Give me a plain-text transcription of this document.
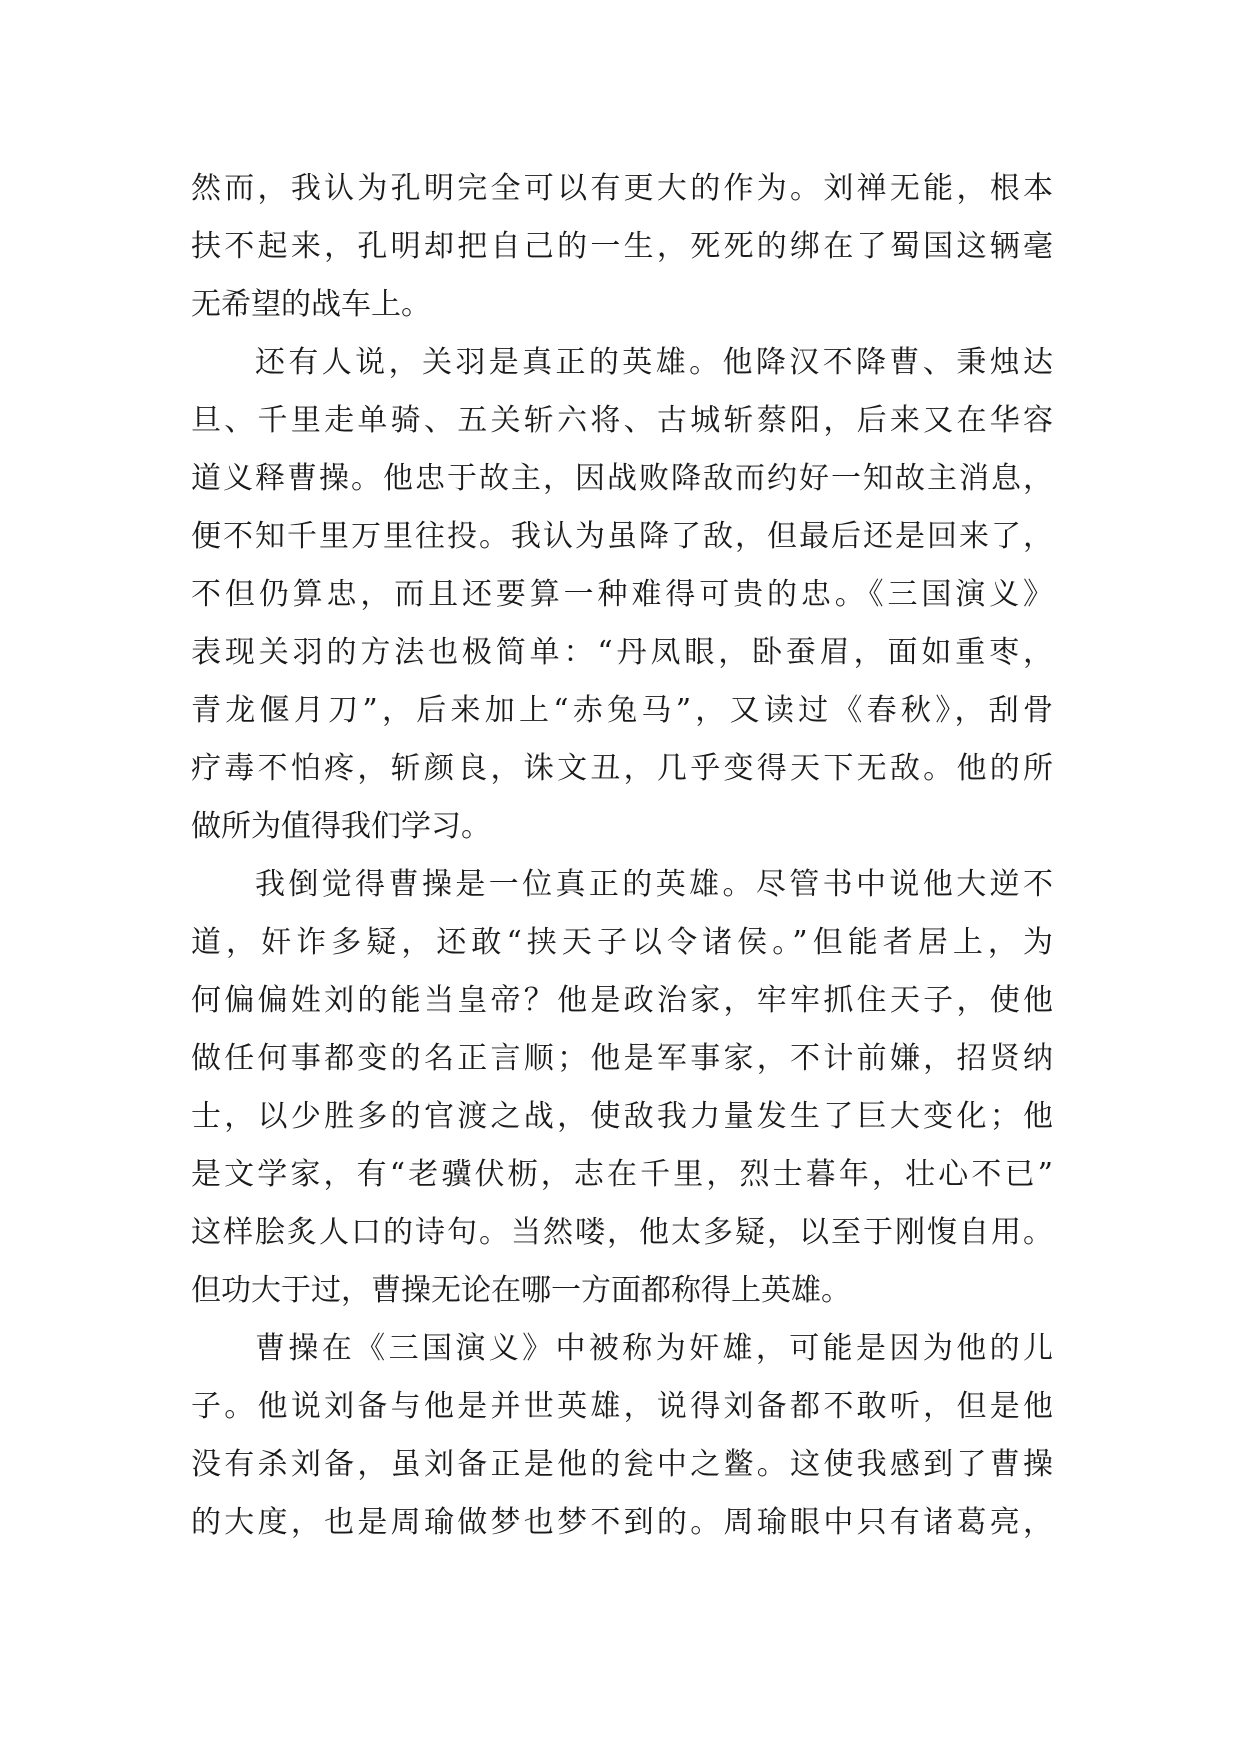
然而，我认为孔明完全可以有更大的作为。刘禅无能，根本
扶不起来，孔明却把自己的一生，死死的绑在了蜀国这辆毫
无希望的战车上。
还有人说，关羽是真正的英雄。他降汉不降曹、秉烛达
旦、千里走单骑、五关斩六将、古城斩蔡阳，后来又在华容
道义释曹操。他忠于故主，因战败降敌而约好一知故主消息，
便不知千里万里往投。我认为虽降了敌，但最后还是回来了，
不但仍算忠，而且还要算一种难得可贵的忠。《三国演义》
表现关羽的方法也极简单：“丹凤眼，卧蚕眉，面如重枣，
青龙偃月刀”，后来加上“赤兔马”，又读过《春秋》，刮骨
疗毒不怕疼，斩颜良，诛文丑，几乎变得天下无敌。他的所
做所为值得我们学习。
我倒觉得曹操是一位真正的英雄。尽管书中说他大逆不
道，奸诈多疑，还敢“挟天子以令诸侯。”但能者居上，为
何偏偏姓刘的能当皇帝？他是政治家，牢牢抓住天子，使他
做任何事都变的名正言顺；他是军事家，不计前嫌，招贤纳
士，以少胜多的官渡之战，使敌我力量发生了巨大变化；他
是文学家，有“老骥伏枥，志在千里，烈士暮年，壮心不已”
这样脍炙人口的诗句。当然喽，他太多疑，以至于刚愎自用。
但功大于过，曹操无论在哪一方面都称得上英雄。
曹操在《三国演义》中被称为奸雄，可能是因为他的儿
子。他说刘备与他是并世英雄，说得刘备都不敢听，但是他
没有杀刘备，虽刘备正是他的瓮中之鳖。这使我感到了曹操
的大度，也是周瑜做梦也梦不到的。周瑜眼中只有诸葛亮，
